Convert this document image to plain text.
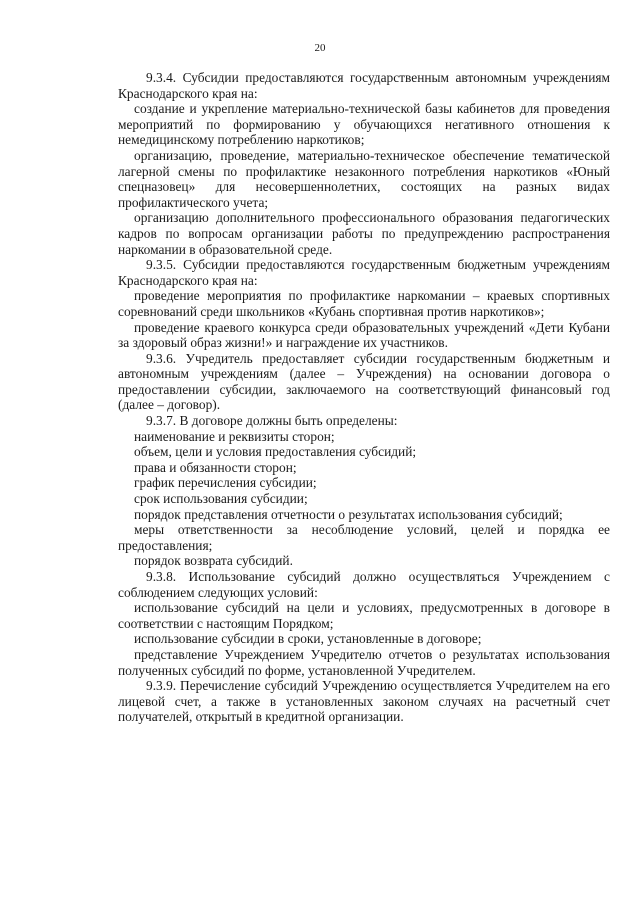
20

9.3.4. Субсидии предоставляются государственным автономным учреждениям Краснодарского края на:

создание и укрепление материально-технической базы кабинетов для проведения мероприятий по формированию у обучающихся негативного отношения к немедицинскому потреблению наркотиков;

организацию, проведение, материально-техническое обеспечение тематической лагерной смены по профилактике незаконного потребления наркотиков «Юный спецназовец» для несовершеннолетних, состоящих на разных видах профилактического учета;

организацию дополнительного профессионального образования педагогических кадров по вопросам организации работы по предупреждению распространения наркомании в образовательной среде.

9.3.5. Субсидии предоставляются государственным бюджетным учреждениям Краснодарского края на:

проведение мероприятия по профилактике наркомании – краевых спортивных соревнований среди школьников «Кубань спортивная против наркотиков»;

проведение краевого конкурса среди образовательных учреждений «Дети Кубани за здоровый образ жизни!» и награждение их участников.

9.3.6. Учредитель предоставляет субсидии государственным бюджетным и автономным учреждениям (далее – Учреждения) на основании договора о предоставлении субсидии, заключаемого на соответствующий финансовый год (далее – договор).

9.3.7. В договоре должны быть определены:

наименование и реквизиты сторон;

объем, цели и условия предоставления субсидий;

права и обязанности сторон;

график перечисления субсидии;

срок использования субсидии;

порядок представления отчетности о результатах использования субсидий;

меры ответственности за несоблюдение условий, целей и порядка ее предоставления;

порядок возврата субсидий.

9.3.8. Использование субсидий должно осуществляться Учреждением с соблюдением следующих условий:

использование субсидий на цели и условиях, предусмотренных в договоре в соответствии с настоящим Порядком;

использование субсидии в сроки, установленные в договоре;

представление Учреждением Учредителю отчетов о результатах использования полученных субсидий по форме, установленной Учредителем.

9.3.9. Перечисление субсидий Учреждению осуществляется Учредителем на его лицевой счет, а также в установленных законом случаях на расчетный счет получателей, открытый в кредитной организации.
